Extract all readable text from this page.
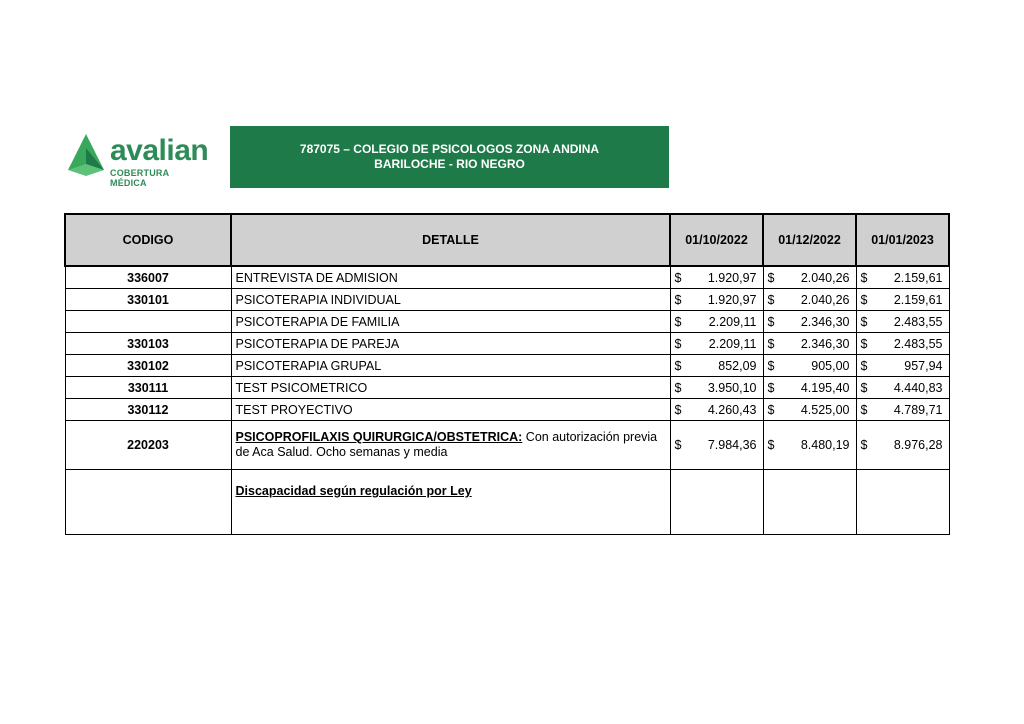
avalian
COBERTURA MÉDICA
787075 – COLEGIO DE PSICOLOGOS ZONA ANDINA
BARILOCHE - RIO NEGRO
CODIGO	DETALLE	01/10/2022	01/12/2022	01/01/2023
336007	ENTREVISTA DE ADMISION	$ 1.920,97	$ 2.040,26	$ 2.159,61

330101	PSICOTERAPIA INDIVIDUAL	$ 1.920,97	$ 2.040,26	$ 2.159,61

	PSICOTERAPIA DE FAMILIA	$ 2.209,11	$ 2.346,30	$ 2.483,55

330103	PSICOTERAPIA DE PAREJA	$ 2.209,11	$ 2.346,30	$ 2.483,55

330102	PSICOTERAPIA GRUPAL	$ 852,09	$ 905,00	$ 957,94

330111	TEST PSICOMETRICO	$ 3.950,10	$ 4.195,40	$ 4.440,83

330112	TEST PROYECTIVO	$ 4.260,43	$ 4.525,00	$ 4.789,71

220203	PSICOPROFILAXIS QUIRURGICA/OBSTETRICA: Con autorización previa de Aca Salud. Ocho semanas y media	$ 7.984,36	$ 8.480,19	$ 8.976,28

	Discapacidad según regulación por Ley			
